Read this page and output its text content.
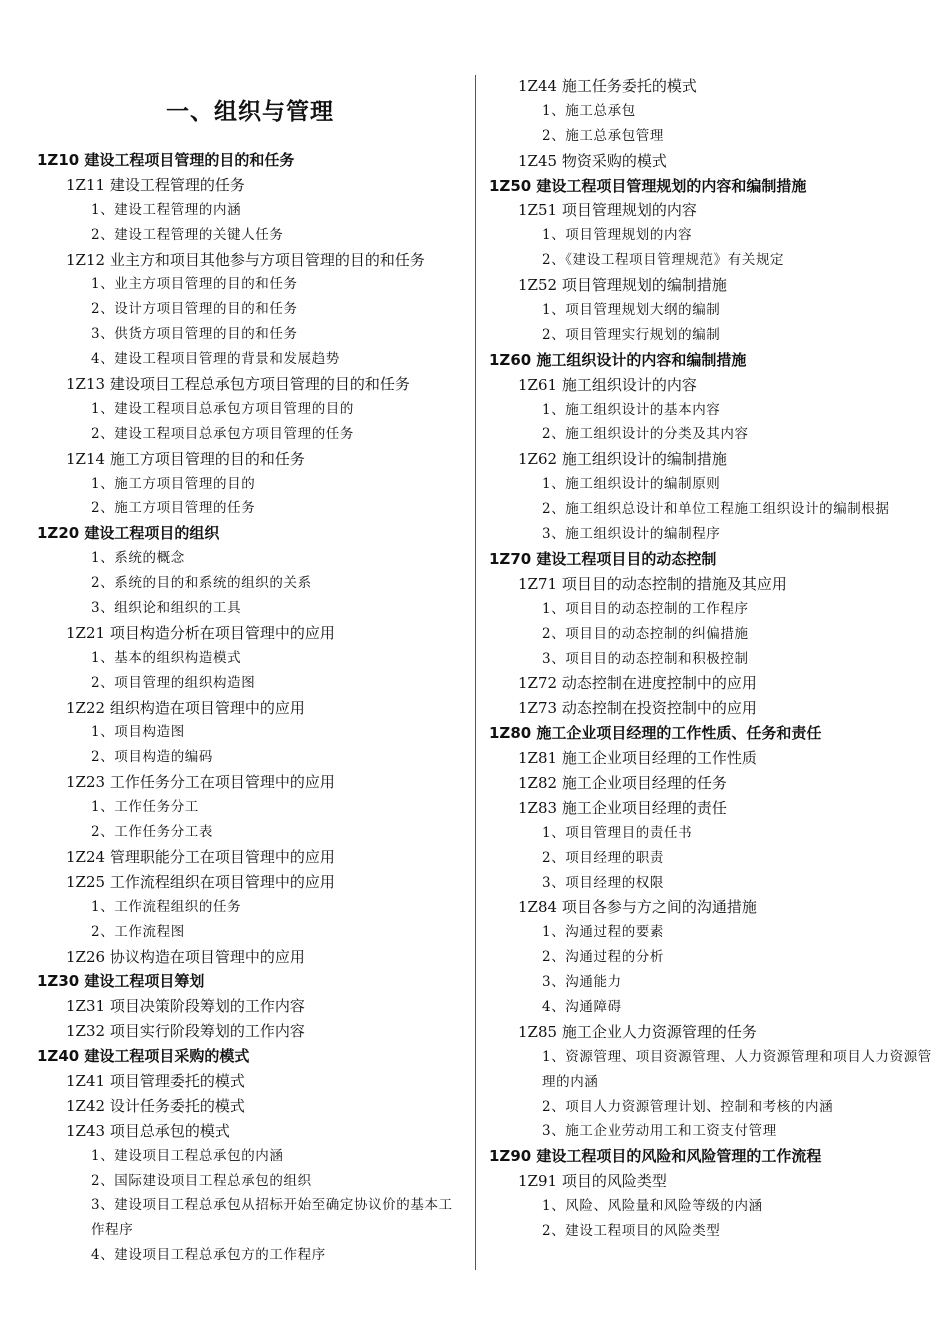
一、组织与管理
1Z10 建设工程项目管理的目的和任务
1Z11 建设工程管理的任务
1、建设工程管理的内涵
2、建设工程管理的关键人任务
1Z12 业主方和项目其他参与方项目管理的目的和任务
1、业主方项目管理的目的和任务
2、设计方项目管理的目的和任务
3、供货方项目管理的目的和任务
4、建设工程项目管理的背景和发展趋势
1Z13 建设项目工程总承包方项目管理的目的和任务
1、建设工程项目总承包方项目管理的目的
2、建设工程项目总承包方项目管理的任务
1Z14 施工方项目管理的目的和任务
1、施工方项目管理的目的
2、施工方项目管理的任务
1Z20 建设工程项目的组织
1、系统的概念
2、系统的目的和系统的组织的关系
3、组织论和组织的工具
1Z21 项目构造分析在项目管理中的应用
1、基本的组织构造模式
2、项目管理的组织构造图
1Z22 组织构造在项目管理中的应用
1、项目构造图
2、项目构造的编码
1Z23 工作任务分工在项目管理中的应用
1、工作任务分工
2、工作任务分工表
1Z24 管理职能分工在项目管理中的应用
1Z25 工作流程组织在项目管理中的应用
1、工作流程组织的任务
2、工作流程图
1Z26 协议构造在项目管理中的应用
1Z30 建设工程项目筹划
1Z31 项目决策阶段筹划的工作内容
1Z32 项目实行阶段筹划的工作内容
1Z40 建设工程项目采购的模式
1Z41 项目管理委托的模式
1Z42 设计任务委托的模式
1Z43 项目总承包的模式
1、建设项目工程总承包的内涵
2、国际建设项目工程总承包的组织
3、建设项目工程总承包从招标开始至确定协议价的基本工作程序
4、建设项目工程总承包方的工作程序
1Z44 施工任务委托的模式
1、施工总承包
2、施工总承包管理
1Z45 物资采购的模式
1Z50 建设工程项目管理规划的内容和编制措施
1Z51 项目管理规划的内容
1、项目管理规划的内容
2、《建设工程项目管理规范》有关规定
1Z52 项目管理规划的编制措施
1、项目管理规划大纲的编制
2、项目管理实行规划的编制
1Z60 施工组织设计的内容和编制措施
1Z61 施工组织设计的内容
1、施工组织设计的基本内容
2、施工组织设计的分类及其内容
1Z62 施工组织设计的编制措施
1、施工组织设计的编制原则
2、施工组织总设计和单位工程施工组织设计的编制根据
3、施工组织设计的编制程序
1Z70 建设工程项目目的动态控制
1Z71 项目目的动态控制的措施及其应用
1、项目目的动态控制的工作程序
2、项目目的动态控制的纠偏措施
3、项目目的动态控制和积极控制
1Z72 动态控制在进度控制中的应用
1Z73 动态控制在投资控制中的应用
1Z80 施工企业项目经理的工作性质、任务和责任
1Z81 施工企业项目经理的工作性质
1Z82 施工企业项目经理的任务
1Z83 施工企业项目经理的责任
1、项目管理目的责任书
2、项目经理的职责
3、项目经理的权限
1Z84 项目各参与方之间的沟通措施
1、沟通过程的要素
2、沟通过程的分析
3、沟通能力
4、沟通障碍
1Z85 施工企业人力资源管理的任务
1、资源管理、项目资源管理、人力资源管理和项目人力资源管理的内涵
2、项目人力资源管理计划、控制和考核的内涵
3、施工企业劳动用工和工资支付管理
1Z90 建设工程项目的风险和风险管理的工作流程
1Z91 项目的风险类型
1、风险、风险量和风险等级的内涵
2、建设工程项目的风险类型
